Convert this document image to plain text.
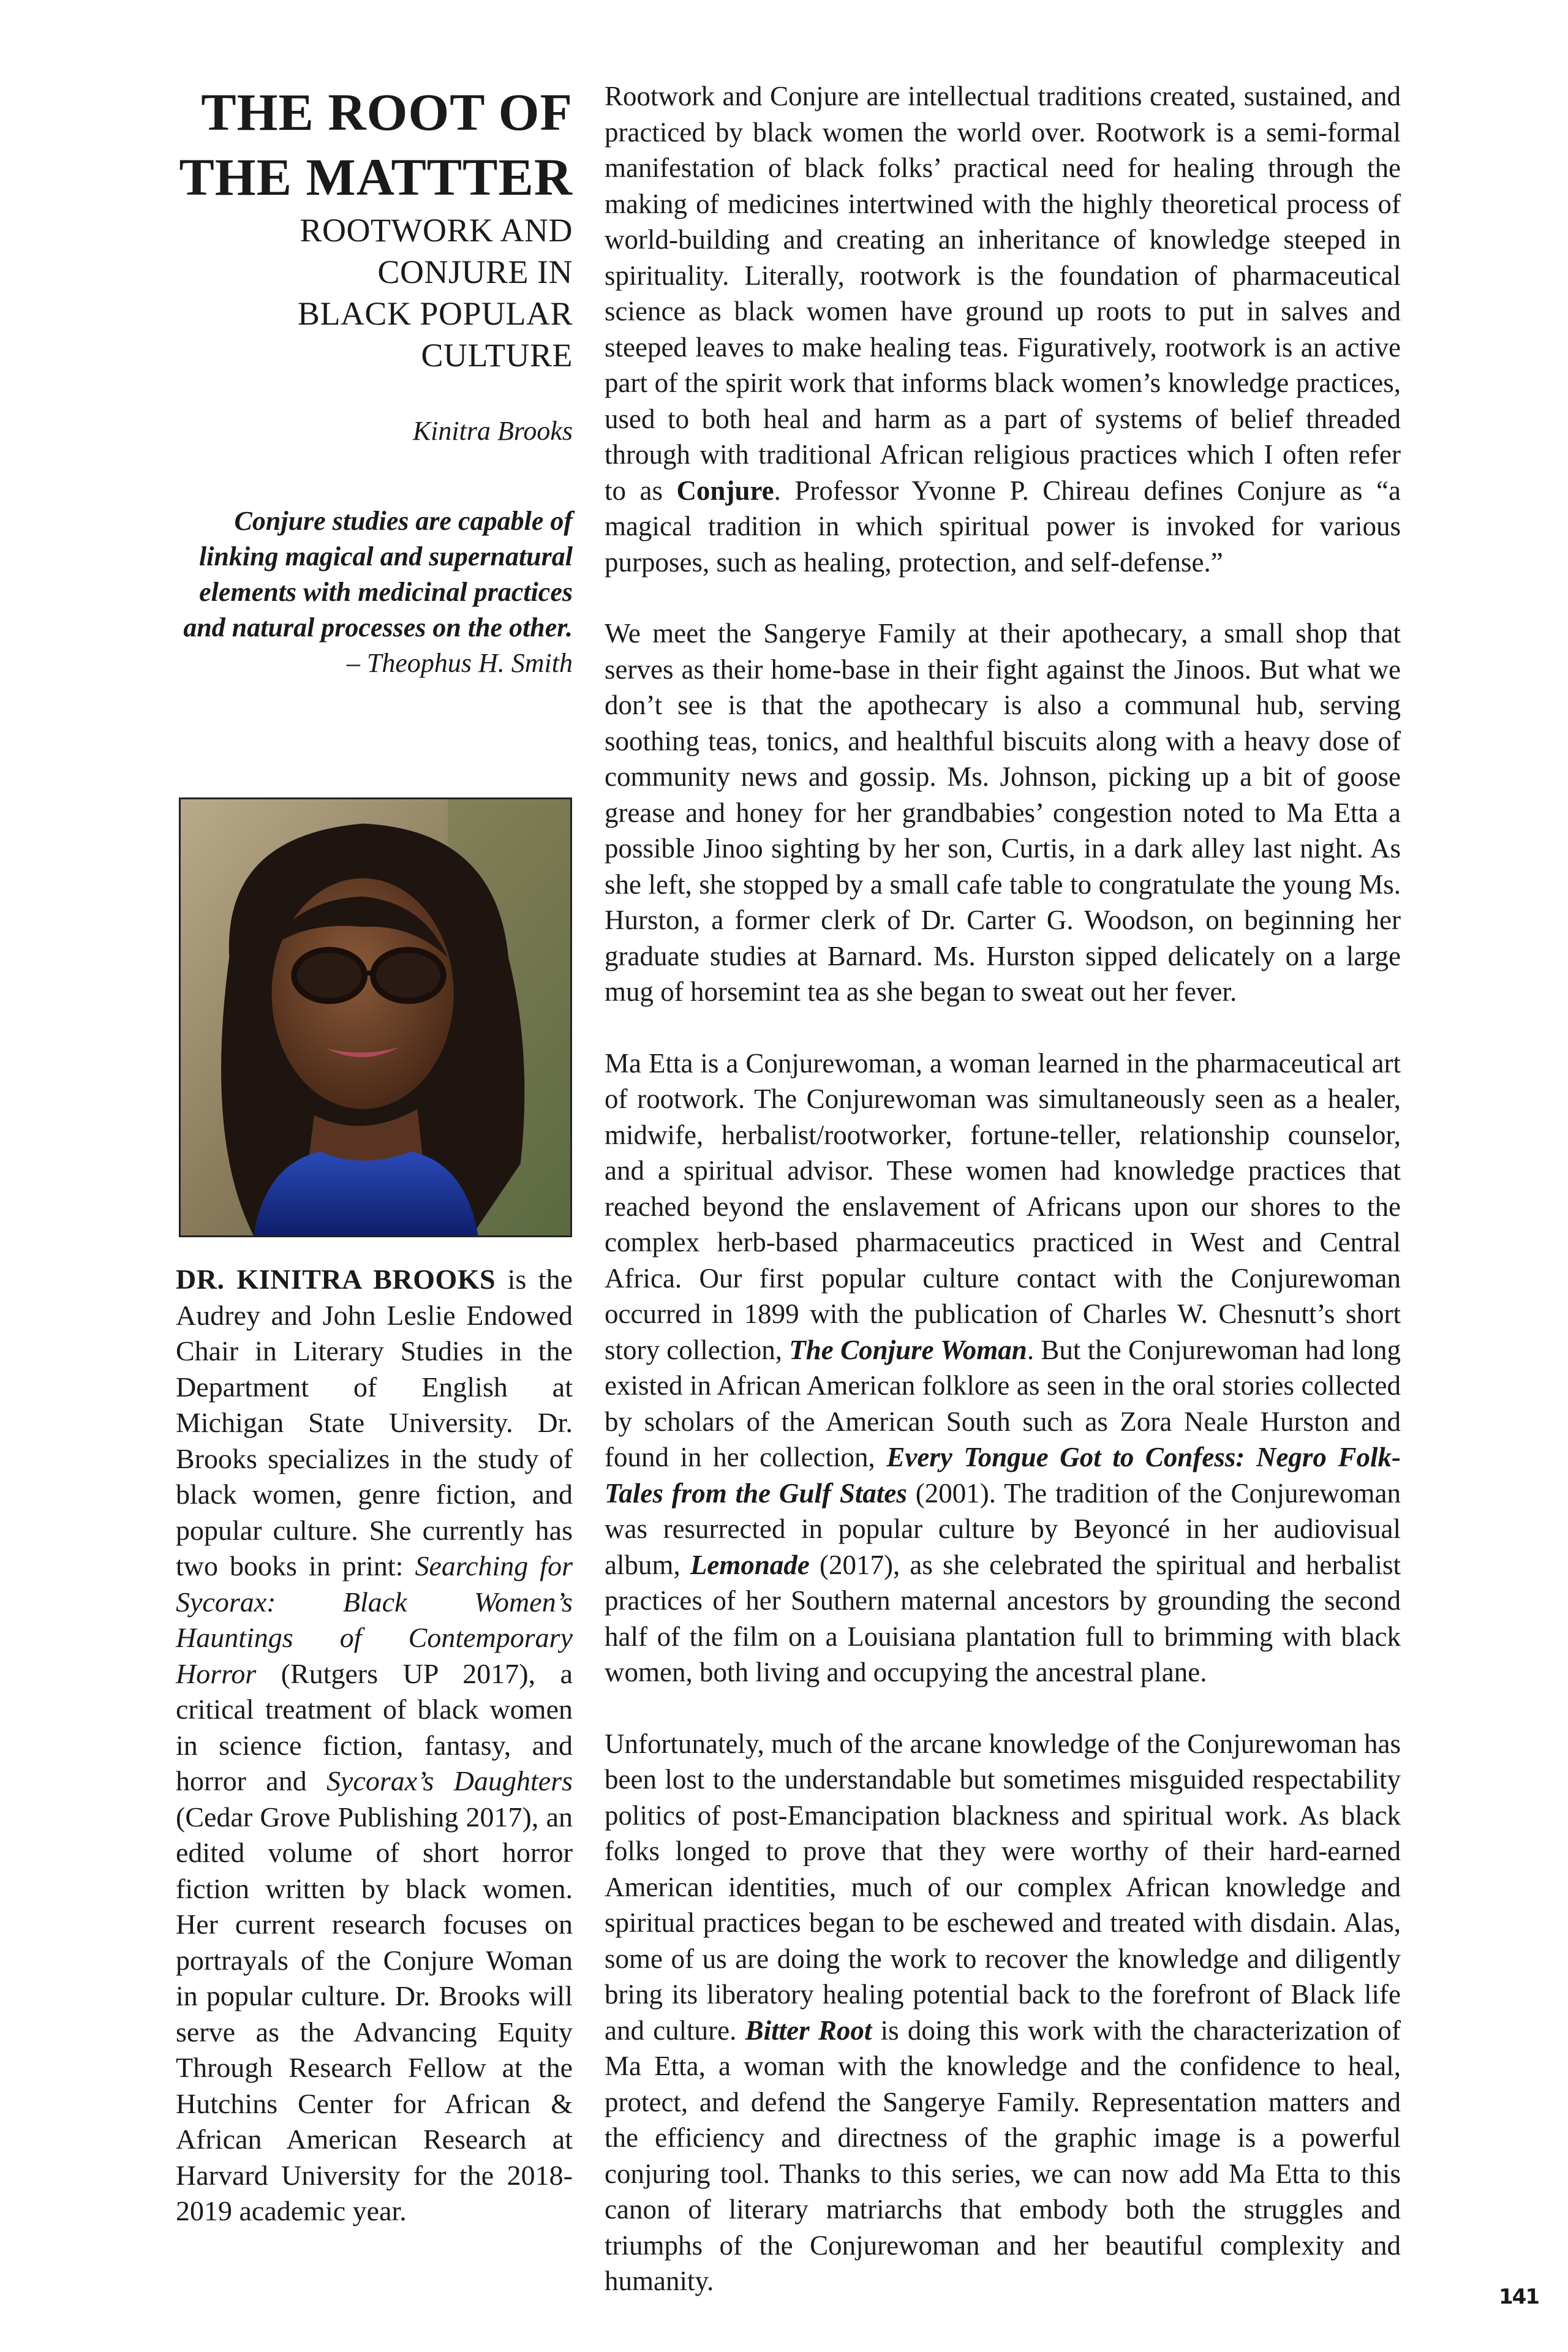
THE ROOT OF
THE MATTTER
ROOTWORK AND
CONJURE IN
BLACK POPULAR
CULTURE
Kinitra Brooks
Conjure studies are capable of linking magical and supernatural elements with medicinal practices and natural processes on the other.
– Theophus H. Smith
DR. KINITRA BROOKS is the Audrey and John Leslie Endowed Chair in Literary Studies in the Department of English at Michigan State University. Dr. Brooks specializes in the study of black women, genre fiction, and popular culture. She currently has two books in print: Searching for Sycorax: Black Women’s Hauntings of Contemporary Horror (Rutgers UP 2017), a critical treatment of black women in science fiction, fantasy, and horror and Sycorax’s Daughters (Cedar Grove Publishing 2017), an edited volume of short horror fiction written by black women. Her current research focuses on portrayals of the Conjure Woman in popular culture. Dr. Brooks will serve as the Advancing Equity Through Research Fellow at the Hutchins Center for African & African American Research at Harvard University for the 2018-2019 academic year.

Rootwork and Conjure are intellectual traditions created, sustained, and practiced by black women the world over. Rootwork is a semi-formal manifestation of black folks’ practical need for healing through the making of medicines intertwined with the highly theoretical process of world-building and creating an inheritance of knowledge steeped in spirituality. Literally, rootwork is the foundation of pharmaceutical science as black women have ground up roots to put in salves and steeped leaves to make healing teas. Figuratively, rootwork is an active part of the spirit work that informs black women’s knowledge practices, used to both heal and harm as a part of systems of belief threaded through with traditional African religious practices which I often refer to as Conjure. Professor Yvonne P. Chireau defines Conjure as “a magical tradition in which spiritual power is invoked for various purposes, such as healing, protection, and self-defense.”

We meet the Sangerye Family at their apothecary, a small shop that serves as their home-base in their fight against the Jinoos. But what we don’t see is that the apothecary is also a communal hub, serving soothing teas, tonics, and healthful biscuits along with a heavy dose of community news and gossip. Ms. Johnson, picking up a bit of goose grease and honey for her grandbabies’ congestion noted to Ma Etta a possible Jinoo sighting by her son, Curtis, in a dark alley last night. As she left, she stopped by a small cafe table to congratulate the young Ms. Hurston, a former clerk of Dr. Carter G. Woodson, on beginning her graduate studies at Barnard. Ms. Hurston sipped delicately on a large mug of horsemint tea as she began to sweat out her fever.

Ma Etta is a Conjurewoman, a woman learned in the pharmaceutical art of rootwork. The Conjurewoman was simultaneously seen as a healer, midwife, herbalist/rootworker, fortune-teller, relationship counselor, and a spiritual advisor. These women had knowledge practices that reached beyond the enslavement of Africans upon our shores to the complex herb-based pharmaceutics practiced in West and Central Africa. Our first popular culture contact with the Conjurewoman occurred in 1899 with the publication of Charles W. Chesnutt’s short story collection, The Conjure Woman. But the Conjurewoman had long existed in African American folklore as seen in the oral stories collected by scholars of the American South such as Zora Neale Hurston and found in her collection, Every Tongue Got to Confess: Negro Folk-Tales from the Gulf States (2001). The tradition of the Conjurewoman was resurrected in popular culture by Beyoncé in her audiovisual album, Lemonade (2017), as she celebrated the spiritual and herbalist practices of her Southern maternal ancestors by grounding the second half of the film on a Louisiana plantation full to brimming with black women, both living and occupying the ancestral plane.

Unfortunately, much of the arcane knowledge of the Conjurewoman has been lost to the understandable but sometimes misguided respectability politics of post-Emancipation blackness and spiritual work. As black folks longed to prove that they were worthy of their hard-earned American identities, much of our complex African knowledge and spiritual practices began to be eschewed and treated with disdain. Alas, some of us are doing the work to recover the knowledge and diligently bring its liberatory healing potential back to the forefront of Black life and culture. Bitter Root is doing this work with the characterization of Ma Etta, a woman with the knowledge and the confidence to heal, protect, and defend the Sangerye Family. Representation matters and the efficiency and directness of the graphic image is a powerful conjuring tool. Thanks to this series, we can now add Ma Etta to this canon of literary matriarchs that embody both the struggles and triumphs of the Conjurewoman and her beautiful complexity and humanity.

141
